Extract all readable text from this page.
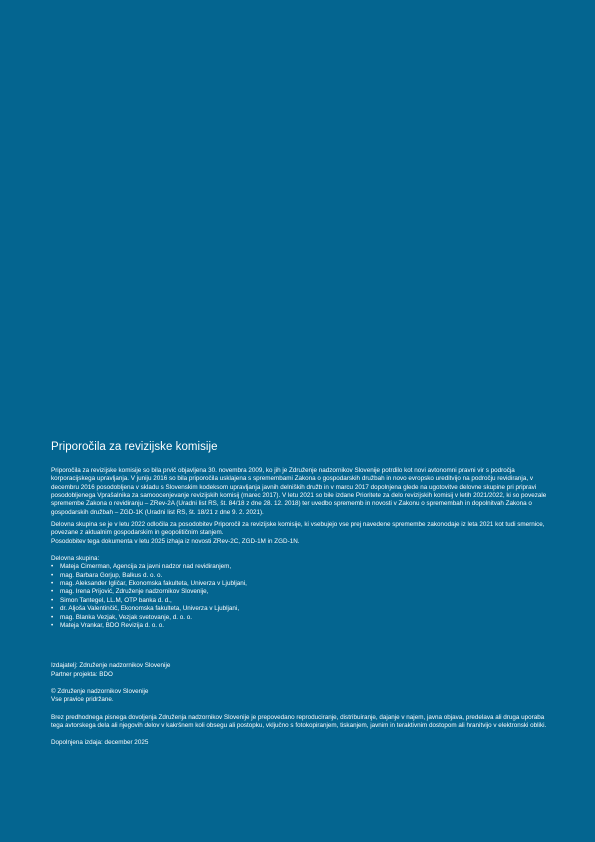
Priporočila za revizijske komisije

Priporočila za revizijske komisije so bila prvič objavljena 30. novembra 2009, ko jih je Združenje nadzornikov Slovenije potrdilo kot novi avtonomni pravni vir s področja korporacijskega upravljanja. V juniju 2016 so bila priporočila usklajena s spremembami Zakona o gospodarskih družbah in novo evropsko ureditvijo na področju revidiranja, v decembru 2016 posodobljena v skladu s Slovenskim kodeksom upravljanja javnih delniških družb in v marcu 2017 dopolnjena glede na ugotovitve delovne skupine pri pripravi posodobljenega Vprašalnika za samoocenjevanje revizijskih komisij (marec 2017). V letu 2021 so bile izdane Prioritete za delo revizijskih komisij v letih 2021/2022, ki so povezale spremembe Zakona o revidiranju – ZRev-2A (Uradni list RS, št. 84/18 z dne 28. 12. 2018) ter uvedbo sprememb in novosti v Zakonu o spremembah in dopolnitvah Zakona o gospodarskih družbah – ZGD-1K (Uradni list RS, št. 18/21 z dne 9. 2. 2021).

Delovna skupina se je v letu 2022 odločila za posodobitev Priporočil za revizijske komisije, ki vsebujejo vse prej navedene spremembe zakonodaje iz leta 2021 kot tudi smernice, povezane z aktualnim gospodarskim in geopolitičnim stanjem.

Posodobitev tega dokumenta v letu 2025 izhaja iz novosti ZRev-2C, ZGD-1M in ZGD-1N.

Delovna skupina:

• Mateja Cimerman, Agencija za javni nadzor nad revidiranjem,
• mag. Barbara Gorjup, Balkus d. o. o.
• mag. Aleksander Igličar, Ekonomska fakulteta, Univerza v Ljubljani,
• mag. Irena Prijović, Združenje nadzornikov Slovenije,
• Simon Tantegel, LL.M, OTP banka d. d.,
• dr. Aljoša Valentinčič, Ekonomska fakulteta, Univerza v Ljubljani,
• mag. Blanka Vezjak, Vezjak svetovanje, d. o. o.
• Mateja Vrankar, BDO Revizija d. o. o.

Izdajatelj: Združenje nadzornikov Slovenije

Partner projekta: BDO

© Združenje nadzornikov Slovenije

Vse pravice pridržane.

Brez predhodnega pisnega dovoljenja Združenja nadzornikov Slovenije je prepovedano reproduciranje, distribuiranje, dajanje v najem, javna objava, predelava ali druga uporaba tega avtorskega dela ali njegovih delov v kakršnem koli obsegu ali postopku, vključno s fotokopiranjem, tiskanjem, javnim in teraktivnim dostopom ali hranitvijo v elektronski obliki.

Dopolnjena izdaja: december 2025
